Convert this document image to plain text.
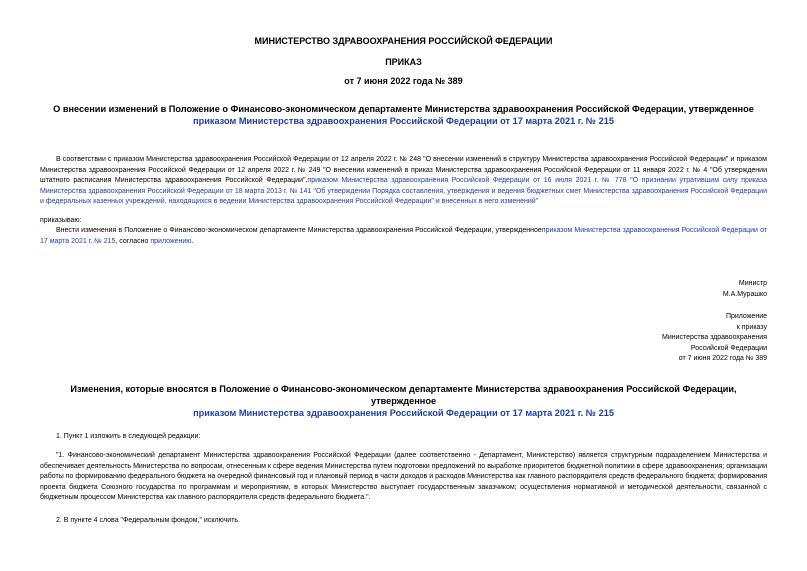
МИНИСТЕРСТВО ЗДРАВООХРАНЕНИЯ РОССИЙСКОЙ ФЕДЕРАЦИИ
ПРИКАЗ
от 7 июня 2022 года № 389
О внесении изменений в Положение о Финансово-экономическом департаменте Министерства здравоохранения Российской Федерации, утвержденное приказом Министерства здравоохранения Российской Федерации от 17 марта 2021 г. № 215
В соответствии с приказом Министерства здравоохранения Российской Федерации от 12 апреля 2022 г. № 248 "О внесении изменений в структуру Министерства здравоохранения Российской Федерации" и приказом Министерства здравоохранения Российской Федерации от 12 апреля 2022 г. № 249 "О внесении изменений в приказ Министерства здравоохранения Российской Федерации от 11 января 2022 г. № 4 "Об утверждении штатного расписания Министерства здравоохранения Российской Федерации",приказом Министерства здравоохранения Российской Федерации от 16 июля 2021 г. № 778 "О признании утратившим силу приказа Министерства здравоохранения Российской Федерации от 18 марта 2013 г. № 141 "Об утверждении Порядка составления, утверждения и ведения бюджетных смет Министерства здравоохранения Российской Федерации и федеральных казенных учреждений, находящихся в ведении Министерства здравоохранения Российской Федерации" и внесенных в него изменений"
приказываю:
Внести изменения в Положение о Финансово-экономическом департаменте Министерства здравоохранения Российской Федерации, утвержденноеприказом Министерства здравоохранения Российской Федерации от 17 марта 2021 г. № 215, согласно приложению.
Министр
М.А.Мурашко
Приложение
к приказу
Министерства здравоохранения
Российской Федерации
от 7 июня 2022 года № 389
Изменения, которые вносятся в Положение о Финансово-экономическом департаменте Министерства здравоохранения Российской Федерации, утвержденное
приказом Министерства здравоохранения Российской Федерации от 17 марта 2021 г. № 215
1. Пункт 1 изложить в следующей редакции:
"1. Финансово-экономический департамент Министерства здравоохранения Российской Федерации (далее соответственно - Департамент, Министерство) является структурным подразделением Министерства и обеспечивает деятельность Министерства по вопросам, отнесенным к сфере ведения Министерства путем подготовки предложений по выработке приоритетов бюджетной политики в сфере здравоохранения; организации работы по формированию федерального бюджета на очередной финансовый год и плановый период в части доходов и расходов Министерства как главного распорядителя средств федерального бюджета; формирования проекта бюджета Союзного государства по программам и мероприятиям, в которых Министерство выступает государственным заказчиком; осуществления нормативной и методической деятельности, связанной с бюджетным процессом Министерства как главного распорядителя средств федерального бюджета.".
2. В пункте 4 слова "Федеральным фондом," исключить.
